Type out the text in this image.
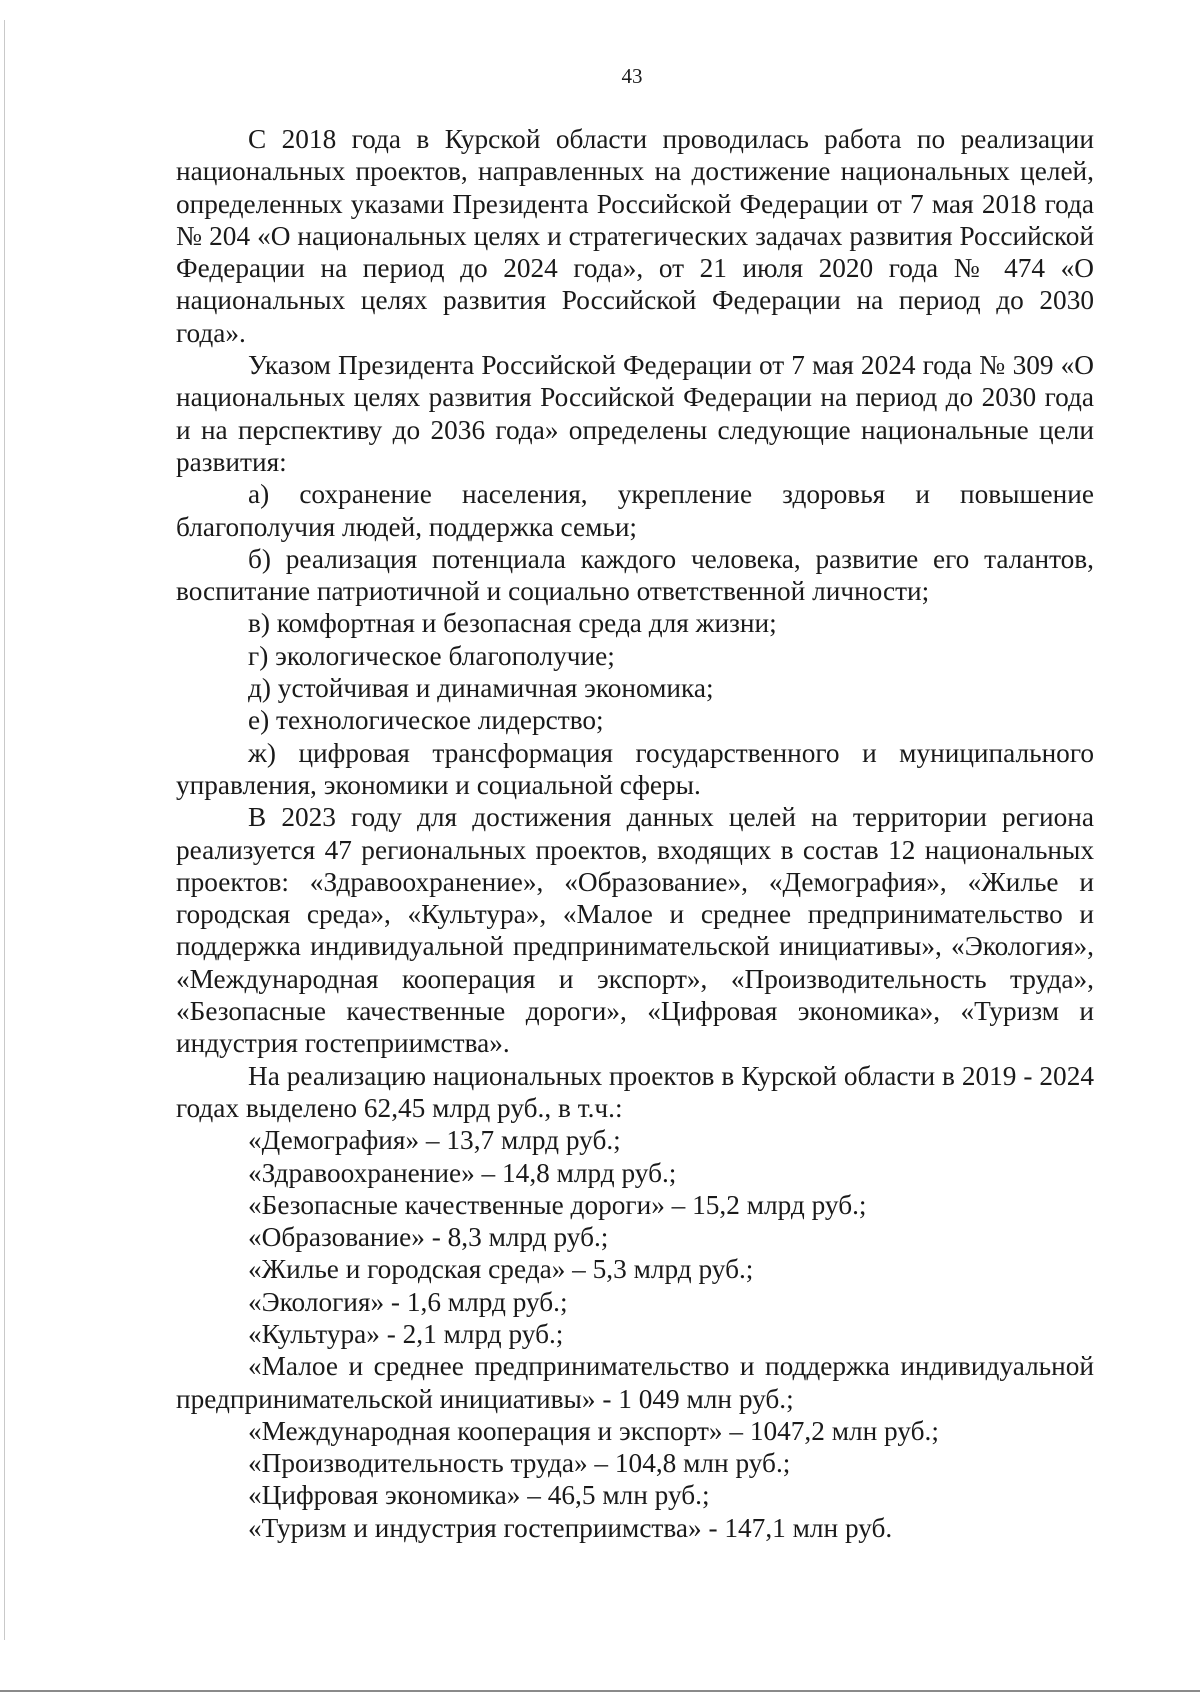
43

С 2018 года в Курской области проводилась работа по реализации национальных проектов, направленных на достижение национальных целей, определенных указами Президента Российской Федерации от 7 мая 2018 года № 204 «О национальных целях и стратегических задачах развития Российской Федерации на период до 2024 года», от 21 июля 2020 года № 474 «О национальных целях развития Российской Федерации на период до 2030 года».

Указом Президента Российской Федерации от 7 мая 2024 года № 309 «О национальных целях развития Российской Федерации на период до 2030 года и на перспективу до 2036 года» определены следующие национальные цели развития:

а) сохранение населения, укрепление здоровья и повышение благополучия людей, поддержка семьи;

б) реализация потенциала каждого человека, развитие его талантов, воспитание патриотичной и социально ответственной личности;

в) комфортная и безопасная среда для жизни;

г) экологическое благополучие;

д) устойчивая и динамичная экономика;

е) технологическое лидерство;

ж) цифровая трансформация государственного и муниципального управления, экономики и социальной сферы.

В 2023 году для достижения данных целей на территории региона реализуется 47 региональных проектов, входящих в состав 12 национальных проектов: «Здравоохранение», «Образование», «Демография», «Жилье и городская среда», «Культура», «Малое и среднее предпринимательство и поддержка индивидуальной предпринимательской инициативы», «Экология», «Международная кооперация и экспорт», «Производительность труда», «Безопасные качественные дороги», «Цифровая экономика», «Туризм и индустрия гостеприимства».

На реализацию национальных проектов в Курской области в 2019 - 2024 годах выделено 62,45 млрд руб., в т.ч.:

«Демография» – 13,7 млрд руб.;

«Здравоохранение» – 14,8 млрд руб.;

«Безопасные качественные дороги» – 15,2 млрд руб.;

«Образование» - 8,3 млрд руб.;

«Жилье и городская среда» – 5,3 млрд руб.;

«Экология» - 1,6 млрд руб.;

«Культура» - 2,1 млрд руб.;

«Малое и среднее предпринимательство и поддержка индивидуальной предпринимательской инициативы» - 1 049 млн руб.;

«Международная кооперация и экспорт» – 1047,2 млн руб.;

«Производительность труда» – 104,8 млн руб.;

«Цифровая экономика» – 46,5 млн руб.;

«Туризм и индустрия гостеприимства» - 147,1 млн руб.
